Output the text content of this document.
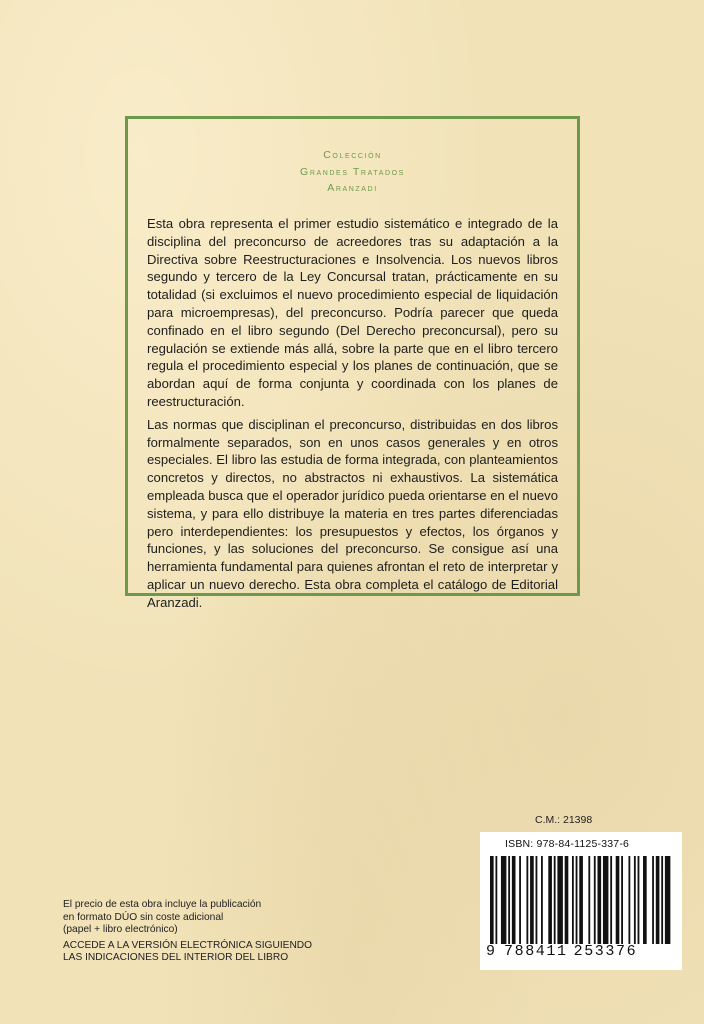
Colección
Grandes Tratados
Aranzadi

Esta obra representa el primer estudio sistemático e integrado de la disciplina del preconcurso de acreedores tras su adaptación a la Directiva sobre Reestructuraciones e Insolvencia. Los nuevos libros segundo y tercero de la Ley Concursal tratan, prácticamente en su totalidad (si excluimos el nuevo procedimiento especial de liquidación para microempresas), del preconcurso. Podría parecer que queda confinado en el libro segundo (Del Derecho preconcursal), pero su regulación se extiende más allá, sobre la parte que en el libro tercero regula el procedimiento especial y los planes de continuación, que se abordan aquí de forma conjunta y coordinada con los planes de reestructuración.

Las normas que disciplinan el preconcurso, distribuidas en dos libros formalmente separados, son en unos casos generales y en otros especiales. El libro las estudia de forma integrada, con planteamientos concretos y directos, no abstractos ni exhaustivos. La sistemática empleada busca que el operador jurídico pueda orientarse en el nuevo sistema, y para ello distribuye la materia en tres partes diferenciadas pero interdependientes: los presupuestos y efectos, los órganos y funciones, y las soluciones del preconcurso. Se consigue así una herramienta fundamental para quienes afrontan el reto de interpretar y aplicar un nuevo derecho. Esta obra completa el catálogo de Editorial Aranzadi.

C.M.: 21398
ISBN: 978-84-1125-337-6
9 788411 253376
El precio de esta obra incluye la publicación
en formato DÚO sin coste adicional
(papel + libro electrónico)
ACCEDE A LA VERSIÓN ELECTRÓNICA SIGUIENDO
LAS INDICACIONES DEL INTERIOR DEL LIBRO
